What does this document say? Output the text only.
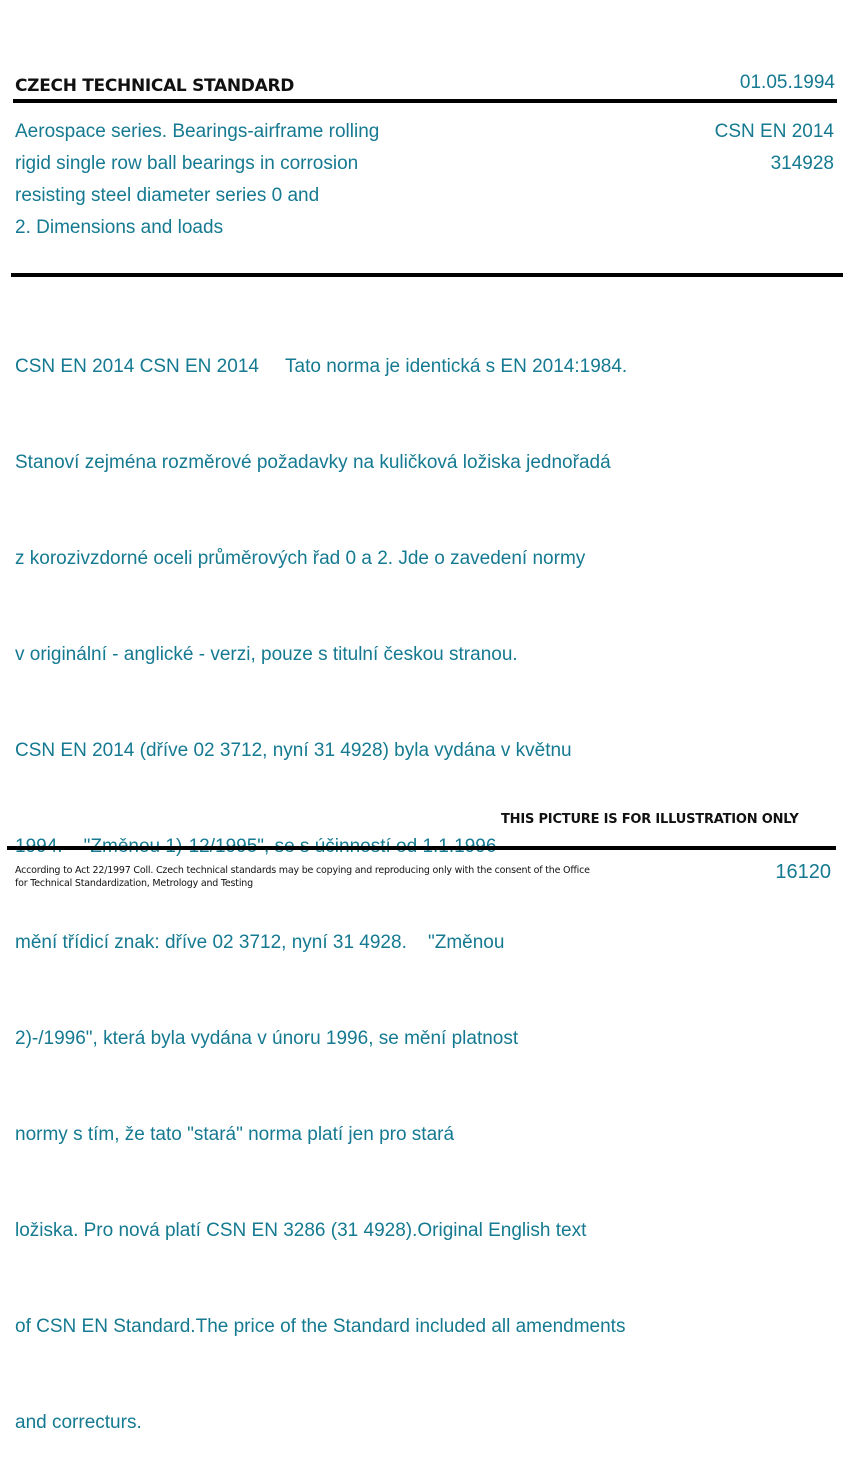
CZECH TECHNICAL STANDARD	01.05.1994
Aerospace series. Bearings-airframe rolling
rigid single row ball bearings in corrosion
resisting steel diameter series 0 and
2. Dimensions and loads
CSN EN 2014
314928

CSN EN 2014 CSN EN 2014     Tato norma je identická s EN 2014:1984.

Stanoví zejména rozměrové požadavky na kuličková ložiska jednořadá

z korozivzdorné oceli průměrových řad 0 a 2. Jde o zavedení normy

v originální - anglické - verzi, pouze s titulní českou stranou.

CSN EN 2014 (dříve 02 3712, nyní 31 4928) byla vydána v květnu

mění třídicí znak: dříve 02 3712, nyní 31 4928.    "Změnou

2)-/1996", která byla vydána v únoru 1996, se mění platnost

normy s tím, že tato "stará" norma platí jen pro stará

ložiska. Pro nová platí CSN EN 3286 (31 4928).Original English text

of CSN EN Standard.The price of the Standard included all amendments

and correcturs.

THIS PICTURE IS FOR ILLUSTRATION ONLY
According to Act 22/1997 Coll. Czech technical standards may be copying and reproducing only with the consent of the Office
for Technical Standardization, Metrology and Testing
16120
